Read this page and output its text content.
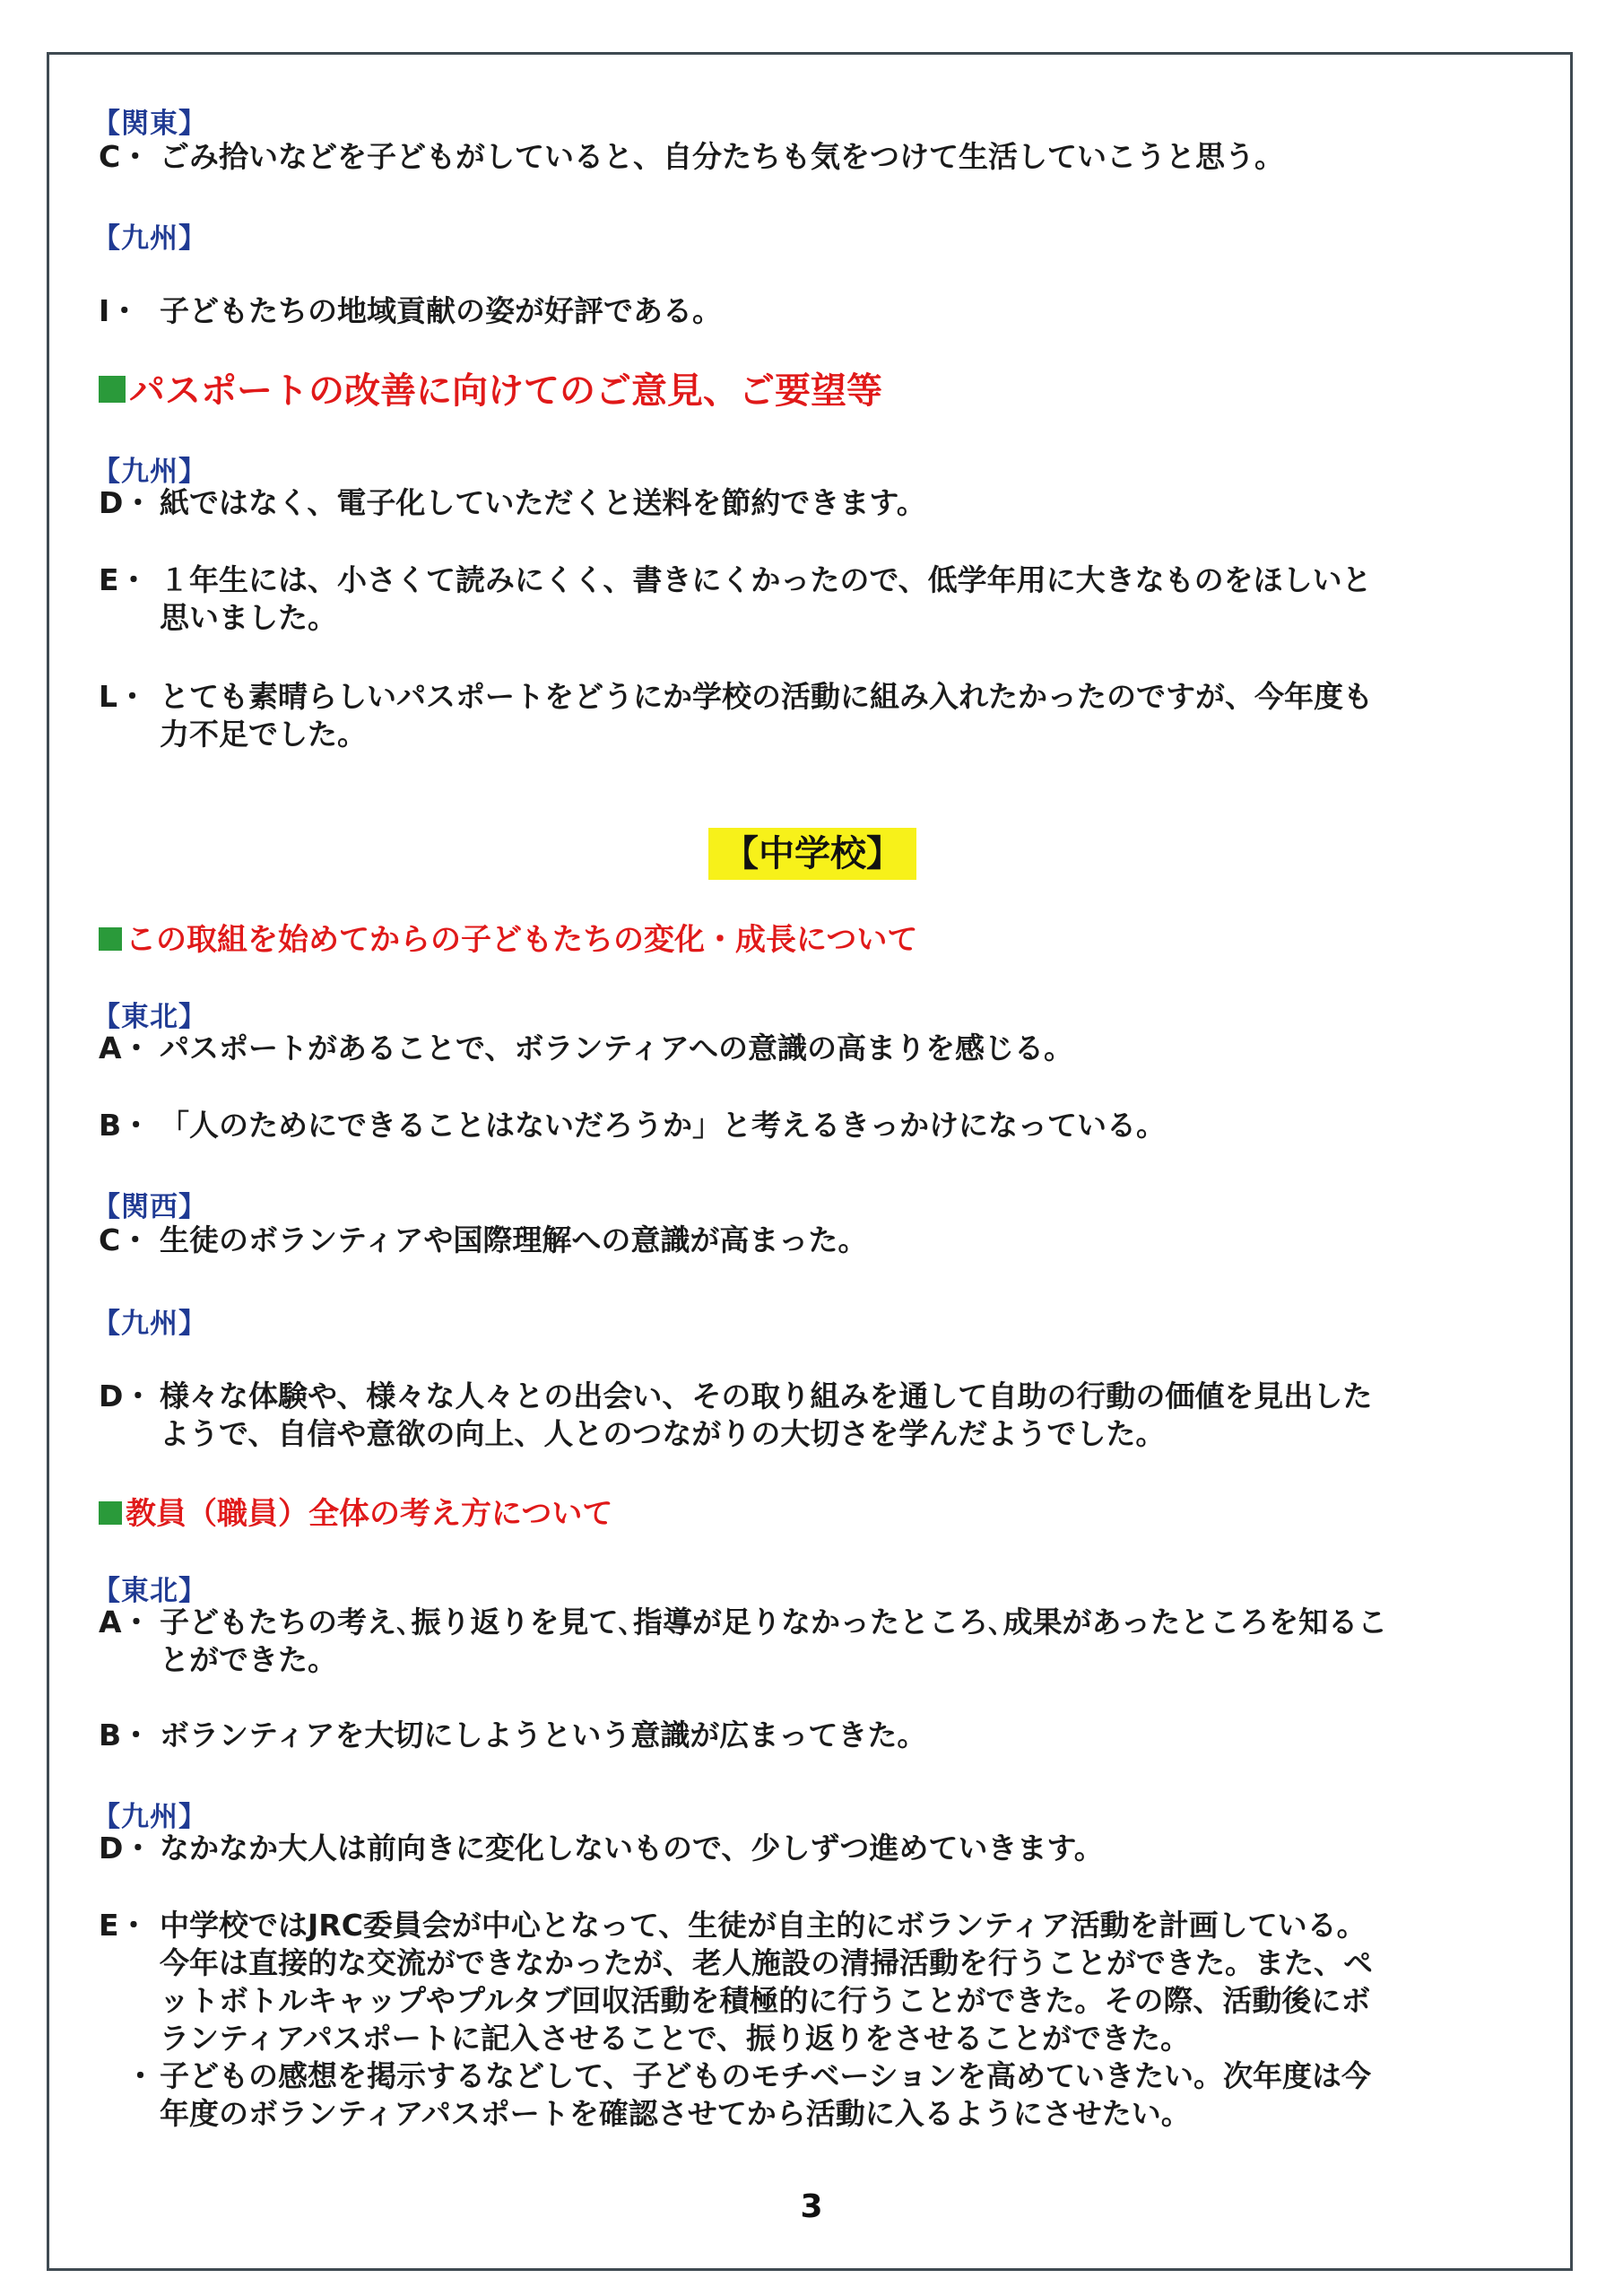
【関東】
C・ ごみ拾いなどを子どもがしていると、自分たちも気をつけて生活していこうと思う。
【九州】
I・ 子どもたちの地域貢献の姿が好評である。
パスポートの改善に向けてのご意見、ご要望等
【九州】
D・ 紙ではなく、電子化していただくと送料を節約できます。
E・ １年生には、小さくて読みにくく、書きにくかったので、低学年用に大きなものをほしいと
思いました。
L・ とても素晴らしいパスポートをどうにか学校の活動に組み入れたかったのですが、今年度も
力不足でした。
【中学校】
この取組を始めてからの子どもたちの変化・成長について
【東北】
A・ パスポートがあることで、ボランティアへの意識の高まりを感じる。
B・ 「人のためにできることはないだろうか」と考えるきっかけになっている。
【関西】
C・ 生徒のボランティアや国際理解への意識が高まった。
【九州】
D・ 様々な体験や、様々な人々との出会い、その取り組みを通して自助の行動の価値を見出した
ようで、自信や意欲の向上、人とのつながりの大切さを学んだようでした。
教員（職員）全体の考え方について
【東北】
A・ 子どもたちの考え､振り返りを見て､指導が足りなかったところ､成果があったところを知るこ
とができた。
B・ ボランティアを大切にしようという意識が広まってきた。
【九州】
D・ なかなか大人は前向きに変化しないもので、少しずつ進めていきます。
E・ 中学校ではJRC委員会が中心となって、生徒が自主的にボランティア活動を計画している。
今年は直接的な交流ができなかったが、老人施設の清掃活動を行うことができた。また、ペ
ットボトルキャップやプルタブ回収活動を積極的に行うことができた。その際、活動後にボ
ランティアパスポートに記入させることで、振り返りをさせることができた。
・ 子どもの感想を掲示するなどして、子どものモチベーションを高めていきたい。次年度は今
年度のボランティアパスポートを確認させてから活動に入るようにさせたい。
3
